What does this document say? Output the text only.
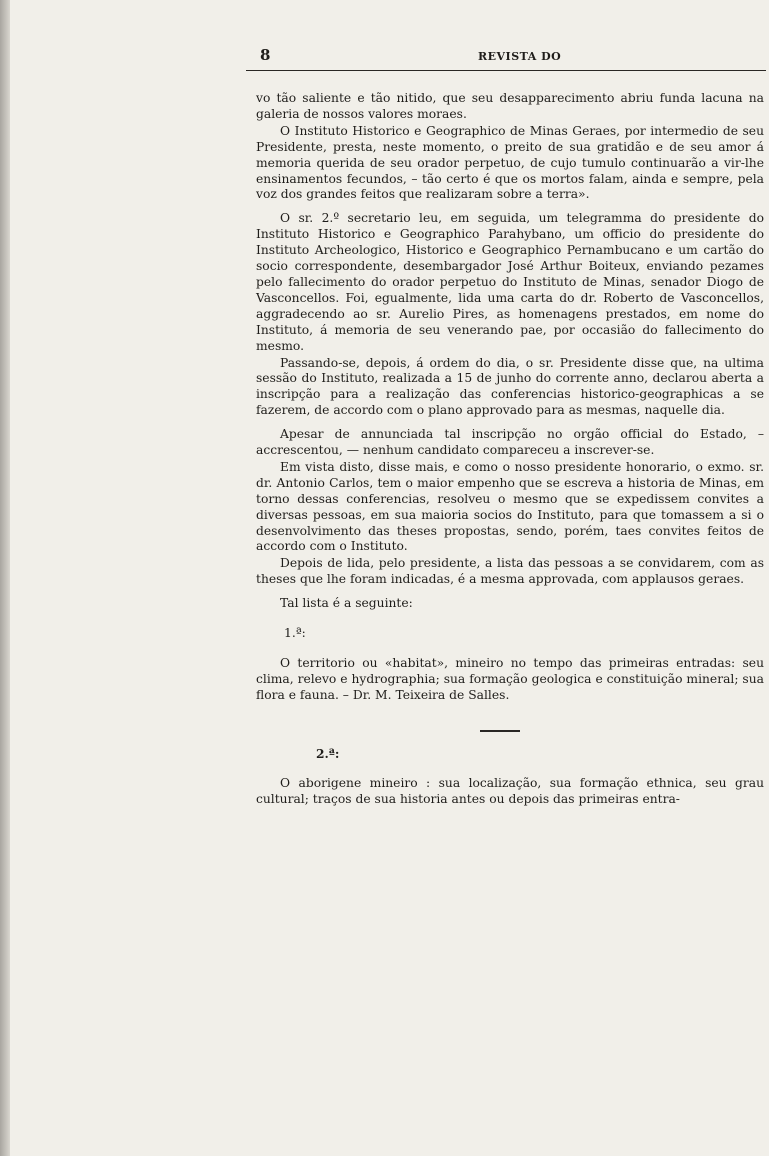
8	REVISTA DO

vo tão saliente e tão nitido, que seu desapparecimento abriu funda lacuna na galeria de nossos valores moraes.

O Instituto Historico e Geographico de Minas Geraes, por intermedio de seu Presidente, presta, neste momento, o preito de sua gratidão e de seu amor á memoria querida de seu orador perpetuo, de cujo tumulo continuarão a vir-lhe ensinamentos fecundos, – tão certo é que os mortos falam, ainda e sempre, pela voz dos grandes feitos que realizaram sobre a terra».

O sr. 2.º secretario leu, em seguida, um telegramma do presidente do Instituto Historico e Geographico Parahybano, um officio do presidente do Instituto Archeologico, Historico e Geographico Pernambucano e um cartão do socio correspondente, desembargador José Arthur Boiteux, enviando pezames pelo fallecimento do orador perpetuo do Instituto de Minas, senador Diogo de Vasconcellos. Foi, egualmente, lida uma carta do dr. Roberto de Vasconcellos, aggradecendo ao sr. Aurelio Pires, as homenagens prestados, em nome do Instituto, á memoria de seu venerando pae, por occasião do fallecimento do mesmo.

Passando-se, depois, á ordem do dia, o sr. Presidente disse que, na ultima sessão do Instituto, realizada a 15 de junho do corrente anno, declarou aberta a inscripção para a realização das conferencias historico-geographicas a se fazerem, de accordo com o plano approvado para as mesmas, naquelle dia.

Apesar de annunciada tal inscripção no orgão official do Estado, – accrescentou, — nenhum candidato compareceu a inscrever-se.

Em vista disto, disse mais, e como o nosso presidente honorario, o exmo. sr. dr. Antonio Carlos, tem o maior empenho que se escreva a historia de Minas, em torno dessas conferencias, resolveu o mesmo que se expedissem convites a diversas pessoas, em sua maioria socios do Instituto, para que tomassem a si o desenvolvimento das theses propostas, sendo, porém, taes convites feitos de accordo com o Instituto.

Depois de lida, pelo presidente, a lista das pessoas a se convidarem, com as theses que lhe foram indicadas, é a mesma approvada, com applausos geraes.

Tal lista é a seguinte:

1.ª:

O territorio ou «habitat», mineiro no tempo das primeiras entradas: seu clima, relevo e hydrographia; sua formação geologica e constituição mineral; sua flora e fauna. – Dr. M. Teixeira de Salles.

2.ª:

O aborigene mineiro : sua localização, sua formação ethnica, seu grau cultural; traços de sua historia antes ou depois das primeiras entra-
